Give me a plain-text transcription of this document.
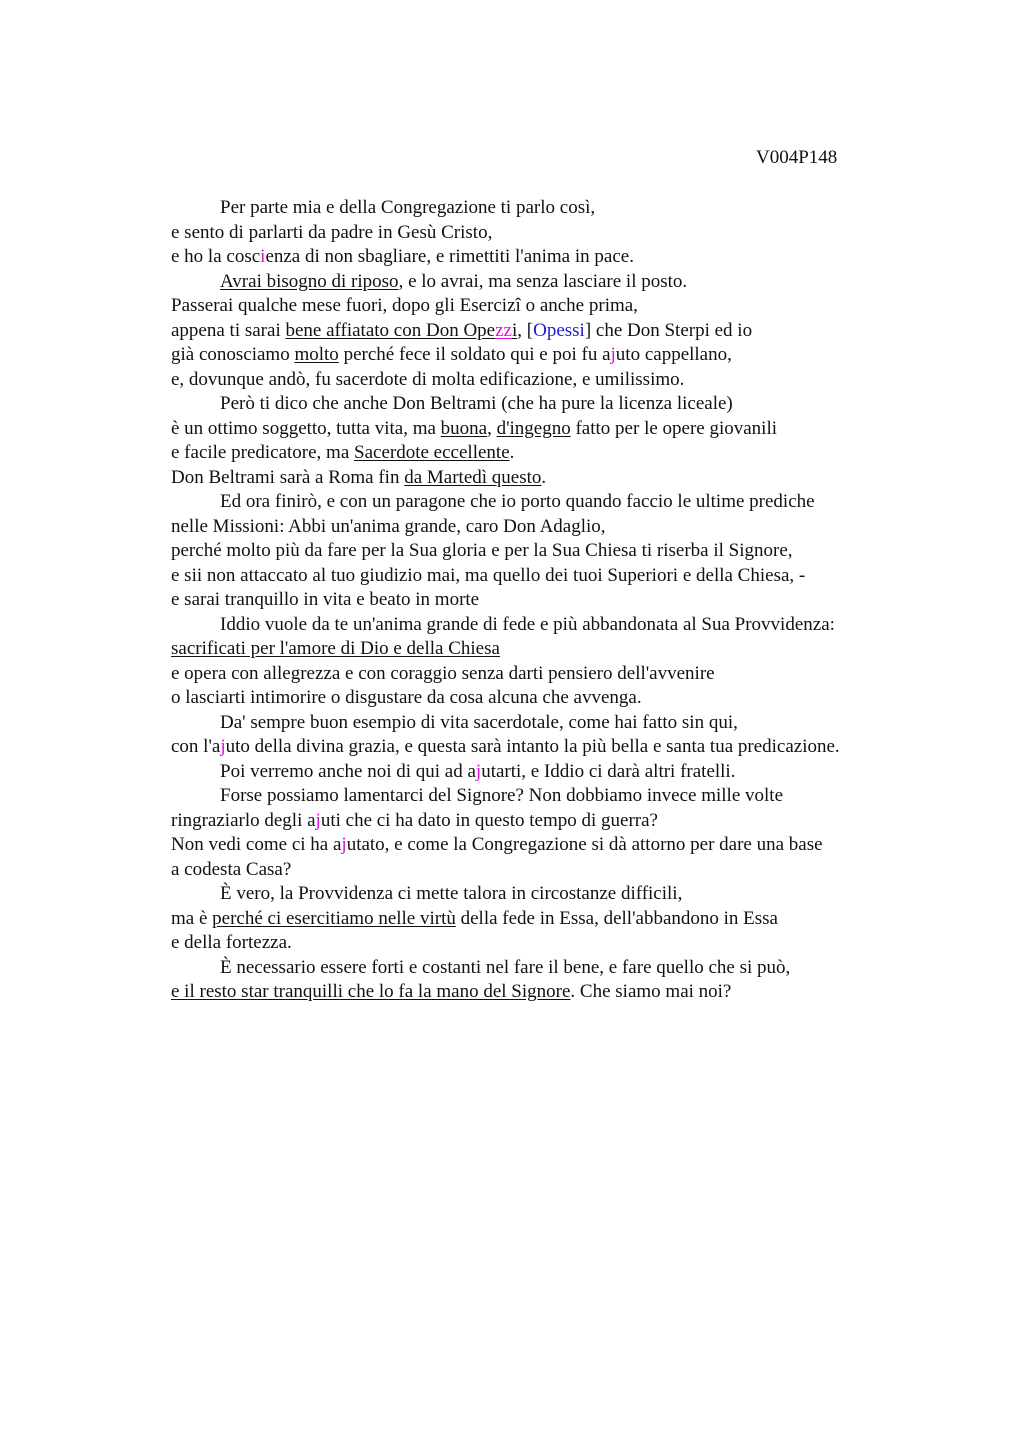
V004P148
Per parte mia e della Congregazione ti parlo così,
e sento di parlarti da padre in Gesù Cristo,
e ho la coscienza di non sbagliare, e rimettiti l'anima in pace.
Avrai bisogno di riposo, e lo avrai, ma senza lasciare il posto.
Passerai qualche mese fuori, dopo gli Esercizî o anche prima,
appena ti sarai bene affiatato con Don Opezzi, [Opessi] che Don Sterpi ed io
già conosciamo molto perché fece il soldato qui e poi fu ajuto cappellano,
e, dovunque andò, fu sacerdote di molta edificazione, e umilissimo.
Però ti dico che anche Don Beltrami (che ha pure la licenza liceale)
è un ottimo soggetto, tutta vita, ma buona, d'ingegno fatto per le opere giovanili
e facile predicatore, ma Sacerdote eccellente.
Don Beltrami sarà a Roma fin da Martedì questo.
Ed ora finirò, e con un paragone che io porto quando faccio le ultime prediche
nelle Missioni: Abbi un'anima grande, caro Don Adaglio,
perché molto più da fare per la Sua gloria e per la Sua Chiesa ti riserba il Signore,
e sii non attaccato al tuo giudizio mai, ma quello dei tuoi Superiori e della Chiesa, -
e sarai tranquillo in vita e beato in morte
Iddio vuole da te un'anima grande di fede e più abbandonata al Sua Provvidenza:
sacrificati per l'amore di Dio e della Chiesa
e opera con allegrezza e con coraggio senza darti pensiero dell'avvenire
o lasciarti intimorire o disgustare da cosa alcuna che avvenga.
Da' sempre buon esempio di vita sacerdotale, come hai fatto sin qui,
con l'ajuto della divina grazia, e questa sarà intanto la più bella e santa tua predicazione.
Poi verremo anche noi di qui ad ajutarti, e Iddio ci darà altri fratelli.
Forse possiamo lamentarci del Signore? Non dobbiamo invece mille volte
ringraziarlo degli ajuti che ci ha dato in questo tempo di guerra?
Non vedi come ci ha ajutato, e come la Congregazione si dà attorno per dare una base
a codesta Casa?
È vero, la Provvidenza ci mette talora in circostanze difficili,
ma è perché ci esercitiamo nelle virtù della fede in Essa, dell'abbandono in Essa
e della fortezza.
È necessario essere forti e costanti nel fare il bene, e fare quello che si può,
e il resto star tranquilli che lo fa la mano del Signore. Che siamo mai noi?
